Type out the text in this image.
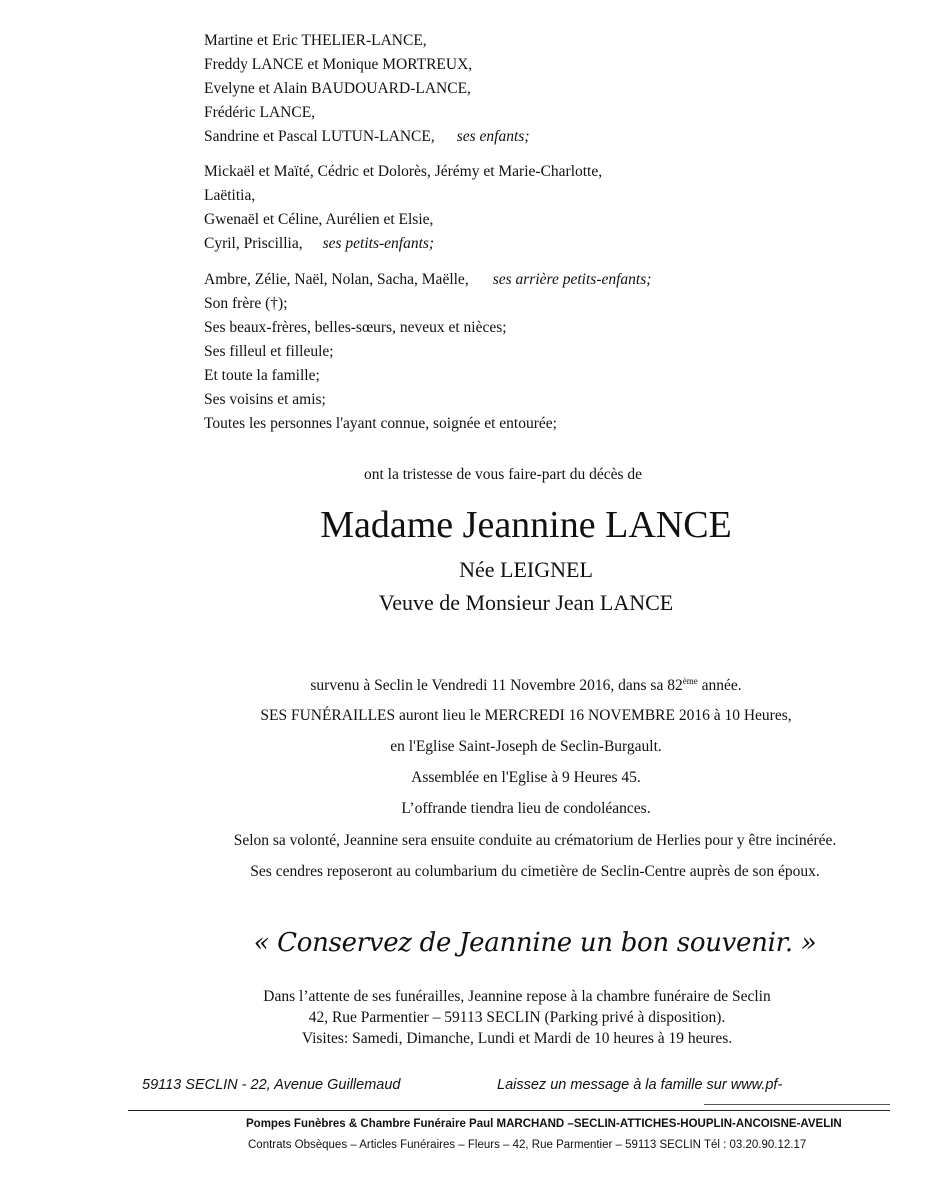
Martine et Eric THELIER-LANCE,
Freddy LANCE et Monique MORTREUX,
Evelyne et Alain BAUDOUARD-LANCE,
Frédéric LANCE,
Sandrine et Pascal LUTUN-LANCE, ses enfants;
Mickaël et Maïté, Cédric et Dolorès, Jérémy et Marie-Charlotte,
Laëtitia,
Gwenaël et Céline, Aurélien et Elsie,
Cyril, Priscillia, ses petits-enfants;
Ambre, Zélie, Naël, Nolan, Sacha, Maëlle, ses arrière petits-enfants;
Son frère (†);
Ses beaux-frères, belles-sœurs, neveux et nièces;
Ses filleul et filleule;
Et toute la famille;
Ses voisins et amis;
Toutes les personnes l'ayant connue, soignée et entourée;
ont la tristesse de vous faire-part du décès de
Madame Jeannine LANCE
Née LEIGNEL
Veuve de Monsieur Jean LANCE
survenu à Seclin le Vendredi 11 Novembre 2016, dans sa 82ème année.
SES FUNÉRAILLES auront lieu le MERCREDI 16 NOVEMBRE 2016 à 10 Heures,
en l'Eglise Saint-Joseph de Seclin-Burgault.
Assemblée en l'Eglise à 9 Heures 45.
L’offrande tiendra lieu de condoléances.
Selon sa volonté, Jeannine sera ensuite conduite au crématorium de Herlies pour y être incinérée.
Ses cendres reposeront au columbarium du cimetière de Seclin-Centre auprès de son époux.
« Conservez de Jeannine un bon souvenir. »
Dans l’attente de ses funérailles, Jeannine repose à la chambre funéraire de Seclin
42, Rue Parmentier – 59113 SECLIN (Parking privé à disposition).
Visites: Samedi, Dimanche, Lundi et Mardi de 10 heures à 19 heures.
59113 SECLIN - 22, Avenue Guillemaud	Laissez un message à la famille sur www.pf-
Pompes Funèbres & Chambre Funéraire Paul MARCHAND –SECLIN-ATTICHES-HOUPLIN-ANCOISNE-AVELIN
Contrats Obsèques – Articles Funéraires – Fleurs – 42, Rue Parmentier – 59113 SECLIN Tél : 03.20.90.12.17
